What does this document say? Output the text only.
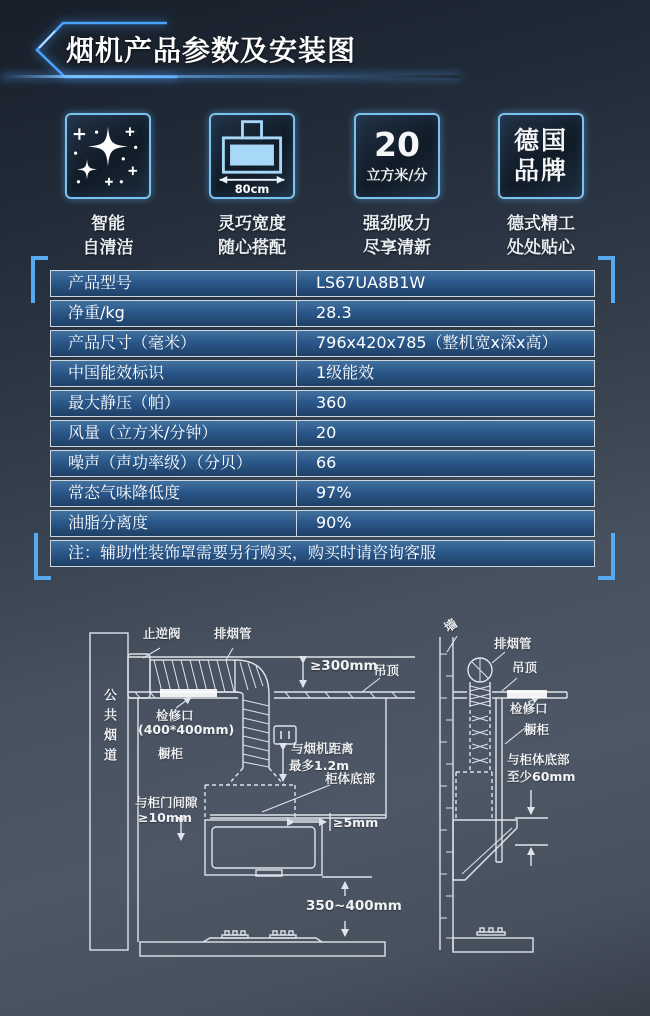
烟机产品参数及安装图
智能
自清洁
80cm
灵巧宽度
随心搭配
20
立方米/分
强劲吸力
尽享清新
德国
品牌
德式精工
处处贴心
产品型号	LS67UA8B1W
净重/kg	28.3
产品尺寸（毫米）	796x420x785（整机宽x深x高）
中国能效标识	1级能效
最大静压（帕）	360
风量（立方米/分钟）	20
噪声（声功率级）（分贝）	66
常态气味降低度	97%
油脂分离度	90%
注：辅助性装饰罩需要另行购买，购买时请咨询客服
公共烟道
止逆阀	排烟管
≥300mm
吊顶
检修口
(400*400mm)
橱柜	与烟机距离
最多1.2m
柜体底部
与柜门间隙
≥10mm	≥5mm
350~400mm
墙
排烟管
吊顶
检修口
橱柜
与柜体底部
至少60mm
